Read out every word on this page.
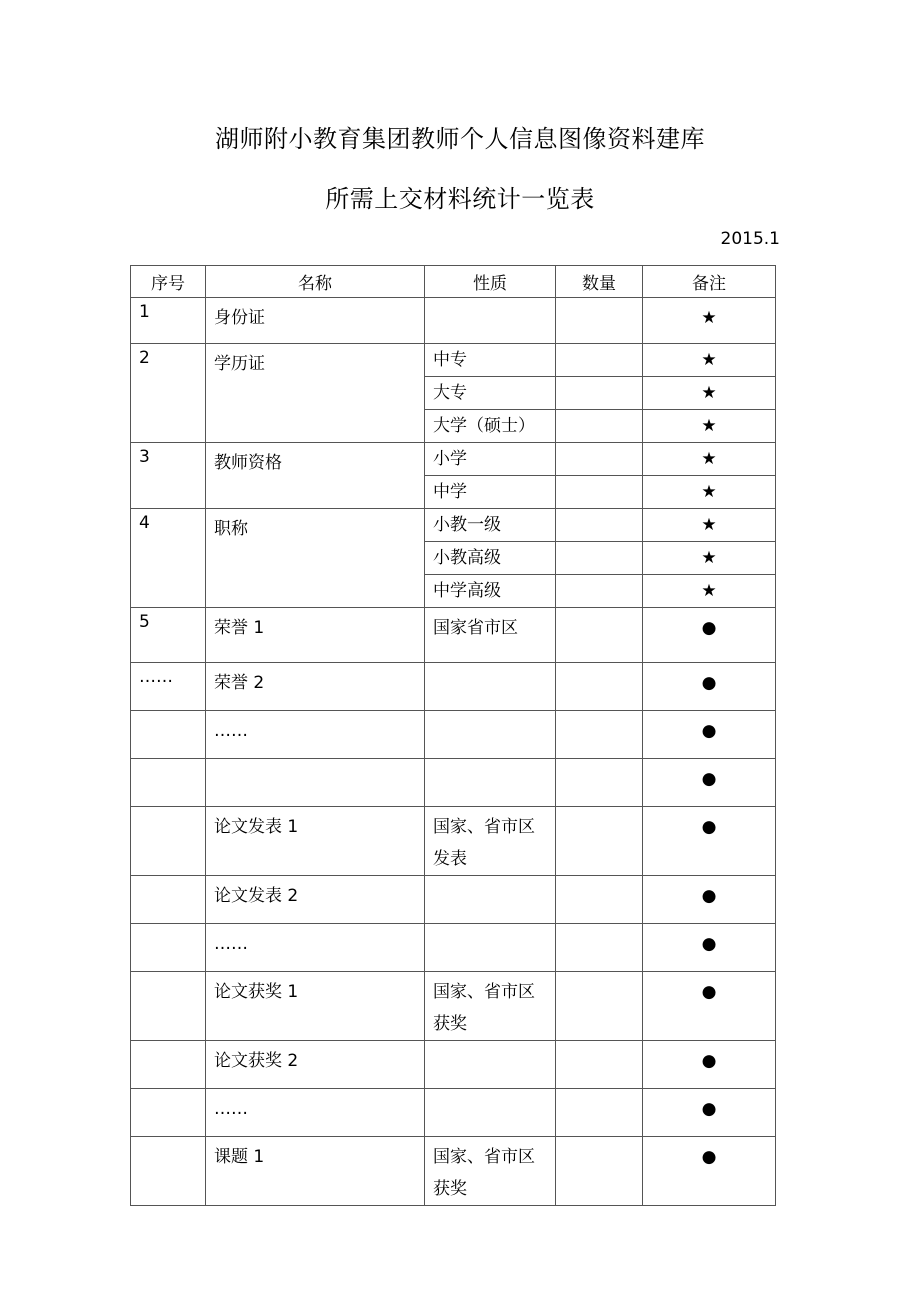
湖师附小教育集团教师个人信息图像资料建库
所需上交材料统计一览表
2015.1
序号	名称	性质	数量	备注

1	身份证			★

2	学历证	中专		★

		大专		★

		大学（硕士）		★

3	教师资格	小学		★

		中学		★

4	职称	小教一级		★

		小教高级		★

		中学高级		★

5	荣誉 1	国家省市区		●

……	荣誉 2			●

	……			●

				●

	论文发表 1	国家、省市区发表		●

	论文发表 2			●

	……			●

	论文获奖 1	国家、省市区获奖		●

	论文获奖 2			●

	……			●

	课题 1	国家、省市区获奖		●
